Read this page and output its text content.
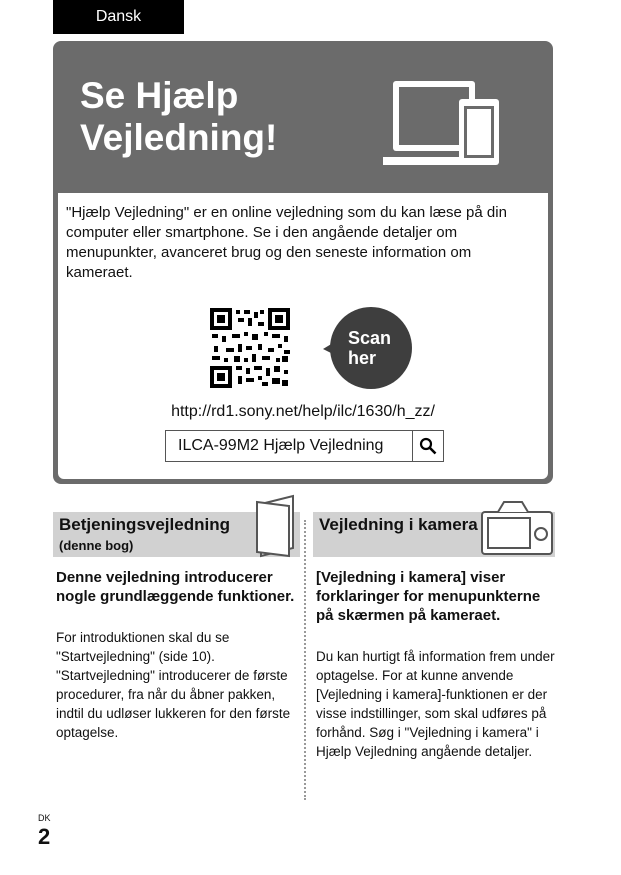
Dansk
Se Hjælp
Vejledning!

"Hjælp Vejledning" er en online vejledning som du kan læse på din computer eller smartphone. Se i den angående detaljer om menupunkter, avanceret brug og den seneste information om kameraet.

Scan
her
http://rd1.sony.net/help/ilc/1630/h_zz/
ILCA-99M2 Hjælp Vejledning
Betjeningsvejledning
(denne bog)
Vejledning i kamera

Denne vejledning introducerer nogle grundlæggende funktioner.

For introduktionen skal du se "Startvejledning" (side 10). "Startvejledning" introducerer de første procedurer, fra når du åbner pakken, indtil du udløser lukkeren for den første optagelse.

[Vejledning i kamera] viser forklaringer for menupunkterne på skærmen på kameraet.

Du kan hurtigt få information frem under optagelse. For at kunne anvende [Vejledning i kamera]-funktionen er der visse indstillinger, som skal udføres på forhånd. Søg i "Vejledning i kamera" i Hjælp Vejledning angående detaljer.

DK
2
